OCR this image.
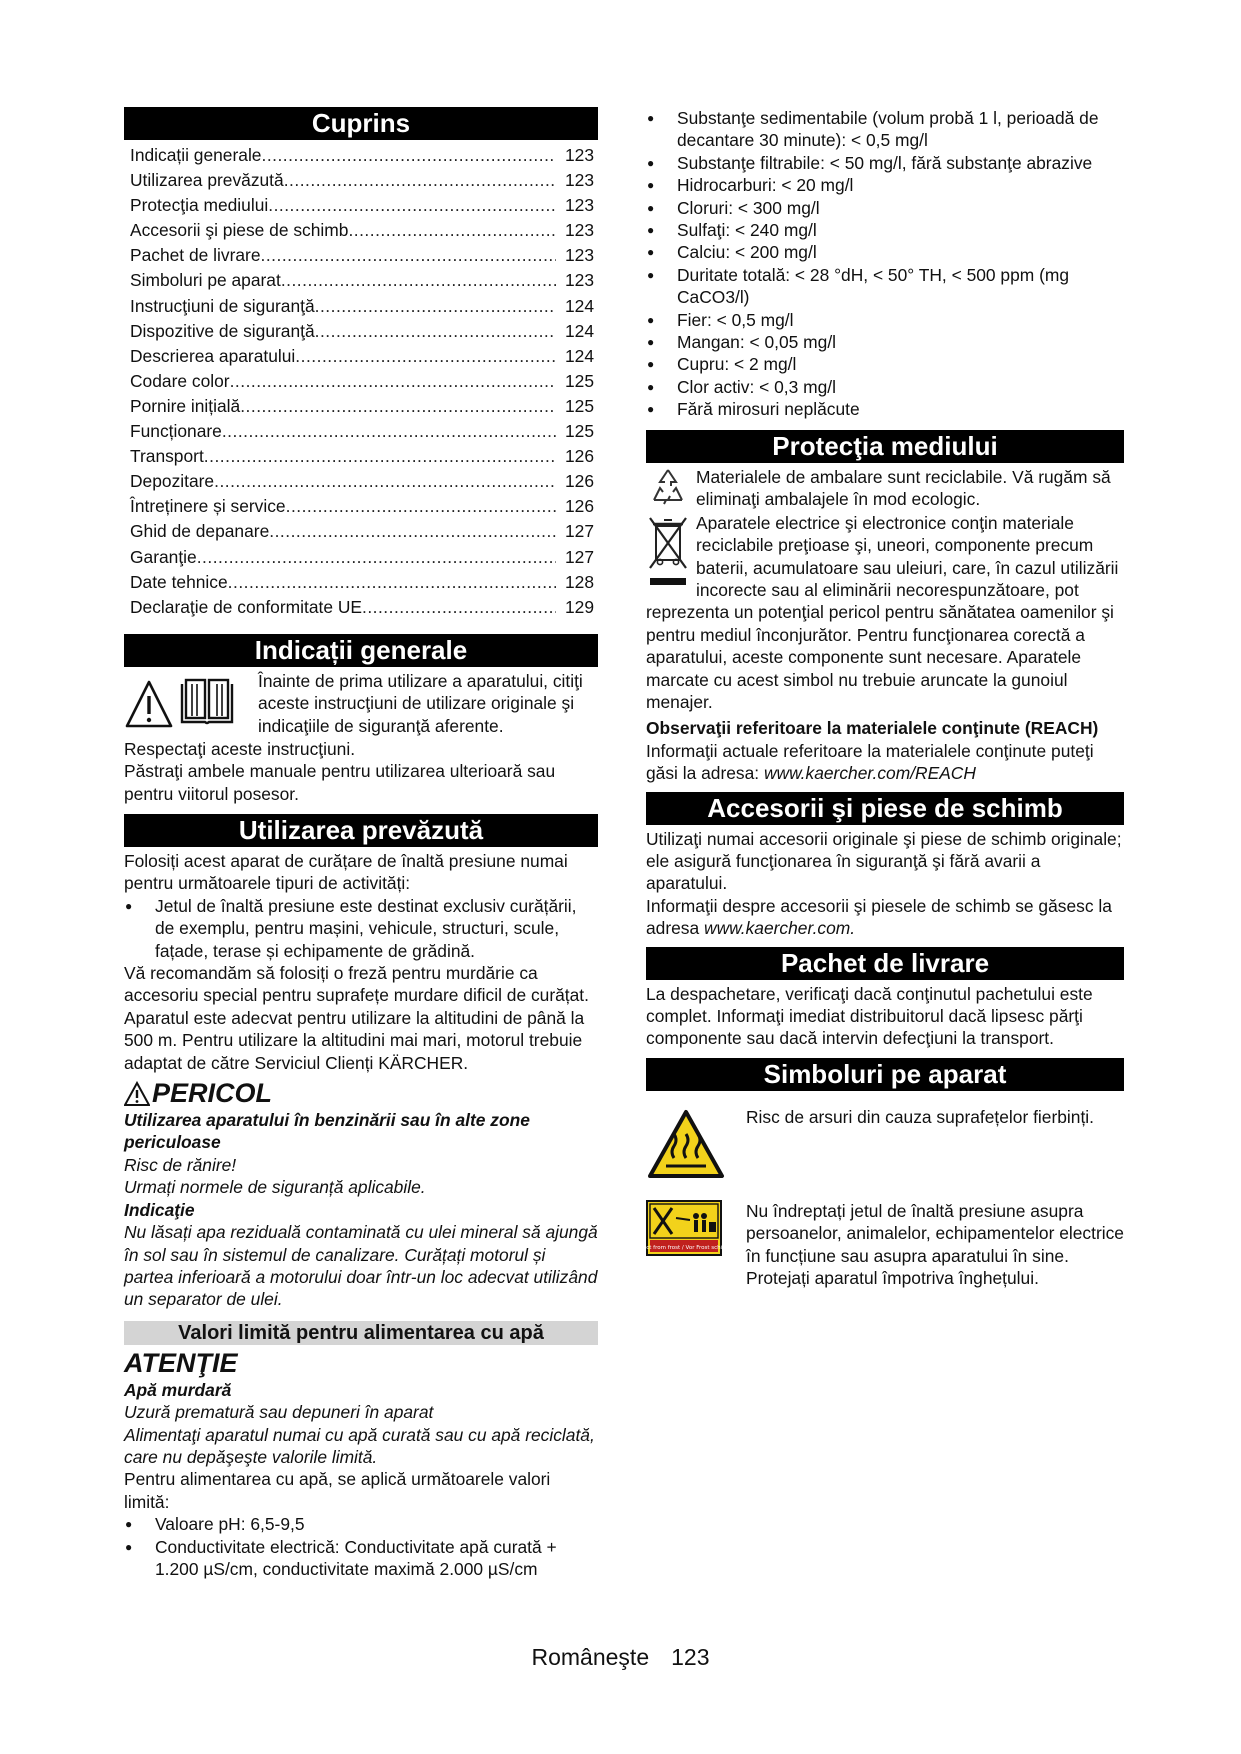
Cuprins
Indicații generale .....	123
Utilizarea prevăzută .....	123
Protecţia mediului .....	123
Accesorii şi piese de schimb .....	123
Pachet de livrare .....	123
Simboluri pe aparat .....	123
Instrucţiuni de siguranţă .....	124
Dispozitive de siguranţă .....	124
Descrierea aparatului .....	124
Codare color .....	125
Pornire inițială .....	125
Funcționare .....	125
Transport .....	126
Depozitare .....	126
Întreținere și service .....	126
Ghid de depanare .....	127
Garanţie .....	127
Date tehnice .....	128
Declaraţie de conformitate UE .....	129
Indicații generale

Înainte de prima utilizare a aparatului, citiţi aceste instrucţiuni de utilizare originale şi indicaţiile de siguranţă aferente.

Respectaţi aceste instrucţiuni.

Păstraţi ambele manuale pentru utilizarea ulterioară sau pentru viitorul posesor.

Utilizarea prevăzută

Folosiți acest aparat de curățare de înaltă presiune numai pentru următoarele tipuri de activități:

● Jetul de înaltă presiune este destinat exclusiv curățării, de exemplu, pentru mașini, vehicule, structuri, scule, fațade, terase și echipamente de grădină.

Vă recomandăm să folosiți o freză pentru murdărie ca accesoriu special pentru suprafețe murdare dificil de curățat.

Aparatul este adecvat pentru utilizare la altitudini de până la 500 m. Pentru utilizare la altitudini mai mari, motorul trebuie adaptat de către Serviciul Clienți KÄRCHER.

PERICOL

Utilizarea aparatului în benzinării sau în alte zone periculoase

Risc de rănire!

Urmați normele de siguranță aplicabile.

Indicaţie

Nu lăsați apa reziduală contaminată cu ulei mineral să ajungă în sol sau în sistemul de canalizare. Curățați motorul și partea inferioară a motorului doar într-un loc adecvat utilizând un separator de ulei.

Valori limită pentru alimentarea cu apă
ATENŢIE

Apă murdară

Uzură prematură sau depuneri în aparat

Alimentaţi aparatul numai cu apă curată sau cu apă reciclată, care nu depăşeşte valorile limită.

Pentru alimentarea cu apă, se aplică următoarele valori limită:

● Valoare pH: 6,5-9,5
● Conductivitate electrică: Conductivitate apă curată + 1.200 µS/cm, conductivitate maximă 2.000 µS/cm
● Substanţe sedimentabile (volum probă 1 l, perioadă de decantare 30 minute): < 0,5 mg/l
● Substanţe filtrabile: < 50 mg/l, fără substanţe abrazive
● Hidrocarburi: < 20 mg/l
● Cloruri: < 300 mg/l
● Sulfaţi: < 240 mg/l
● Calciu: < 200 mg/l
● Duritate totală: < 28 °dH, < 50° TH, < 500 ppm (mg CaCO3/l)
● Fier: < 0,5 mg/l
● Mangan: < 0,05 mg/l
● Cupru: < 2 mg/l
● Clor activ: < 0,3 mg/l
● Fără mirosuri neplăcute
Protecţia mediului

Materialele de ambalare sunt reciclabile. Vă rugăm să eliminaţi ambalajele în mod ecologic.

Aparatele electrice şi electronice conţin materiale reciclabile preţioase şi, uneori, componente precum baterii, acumulatoare sau uleiuri, care, în cazul utilizării incorecte sau al eliminării necorespunzătoare, pot reprezenta un potenţial pericol pentru sănătatea oamenilor şi pentru mediul înconjurător. Pentru funcţionarea corectă a aparatului, aceste componente sunt necesare. Aparatele marcate cu acest simbol nu trebuie aruncate la gunoiul menajer.

Observaţii referitoare la materialele conţinute (REACH)

Informaţii actuale referitoare la materialele conţinute puteţi găsi la adresa: www.kaercher.com/REACH

Accesorii şi piese de schimb

Utilizaţi numai accesorii originale şi piese de schimb originale; ele asigură funcţionarea în siguranţă şi fără avarii a aparatului.

Informaţii despre accesorii şi piesele de schimb se găsesc la adresa www.kaercher.com.

Pachet de livrare

La despachetare, verificaţi dacă conţinutul pachetului este complet. Informaţi imediat distribuitorul dacă lipsesc părţi componente sau dacă intervin defecţiuni la transport.

Simboluri pe aparat

Risc de arsuri din cauza suprafețelor fierbinți.

ct from frost / Vor Frost sch

Nu îndreptați jetul de înaltă presiune asupra persoanelor, animalelor, echipamentelor electrice în funcțiune sau asupra aparatului în sine.

Protejați aparatul împotriva înghețului.

Româneşte 123
